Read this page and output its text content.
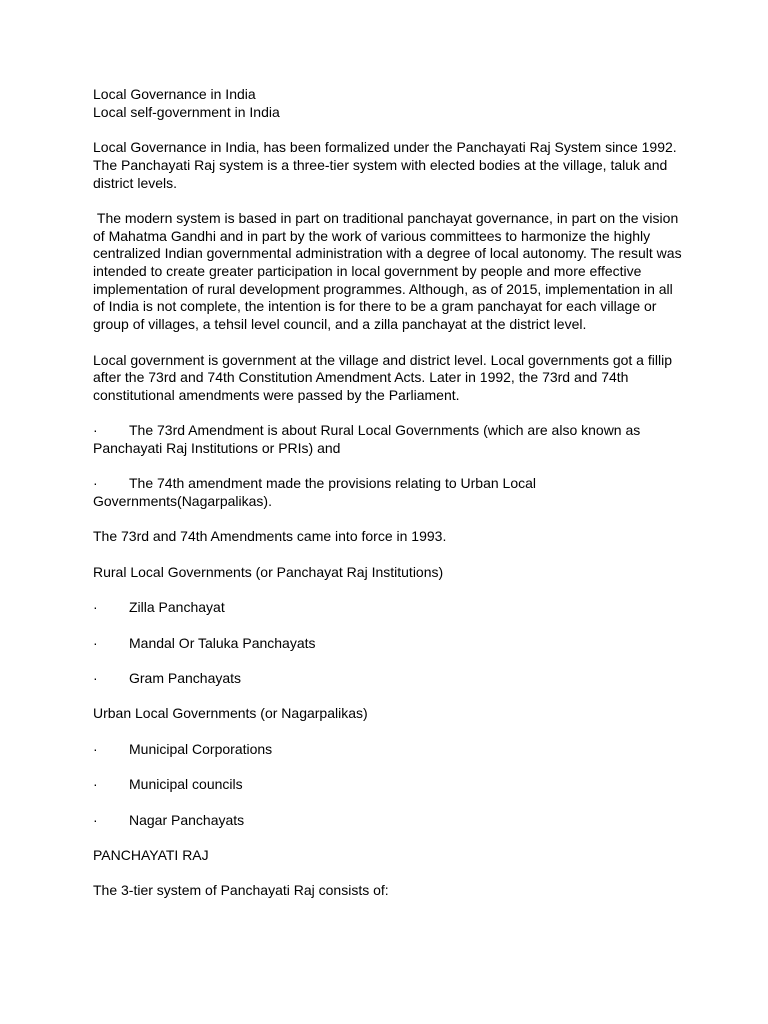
Local Governance in India

Local self-government in India

Local Governance in India, has been formalized under the Panchayati Raj System since 1992. The Panchayati Raj system is a three-tier system with elected bodies at the village, taluk and district levels.

The modern system is based in part on traditional panchayat governance, in part on the vision of Mahatma Gandhi and in part by the work of various committees to harmonize the highly centralized Indian governmental administration with a degree of local autonomy. The result was intended to create greater participation in local government by people and more effective implementation of rural development programmes. Although, as of 2015, implementation in all of India is not complete, the intention is for there to be a gram panchayat for each village or group of villages, a tehsil level council, and a zilla panchayat at the district level.

Local government is government at the village and district level. Local governments got a fillip after the 73rd and 74th Constitution Amendment Acts. Later in 1992, the 73rd and 74th constitutional amendments were passed by the Parliament.

· The 73rd Amendment is about Rural Local Governments (which are also known as Panchayati Raj Institutions or PRIs) and

· The 74th amendment made the provisions relating to Urban Local Governments(Nagarpalikas).

The 73rd and 74th Amendments came into force in 1993.

Rural Local Governments (or Panchayat Raj Institutions)

·	Zilla Panchayat

·	Mandal Or Taluka Panchayats

·	Gram Panchayats

Urban Local Governments (or Nagarpalikas)

·	Municipal Corporations

·	Municipal councils

·	Nagar Panchayats

PANCHAYATI RAJ

The 3-tier system of Panchayati Raj consists of:
